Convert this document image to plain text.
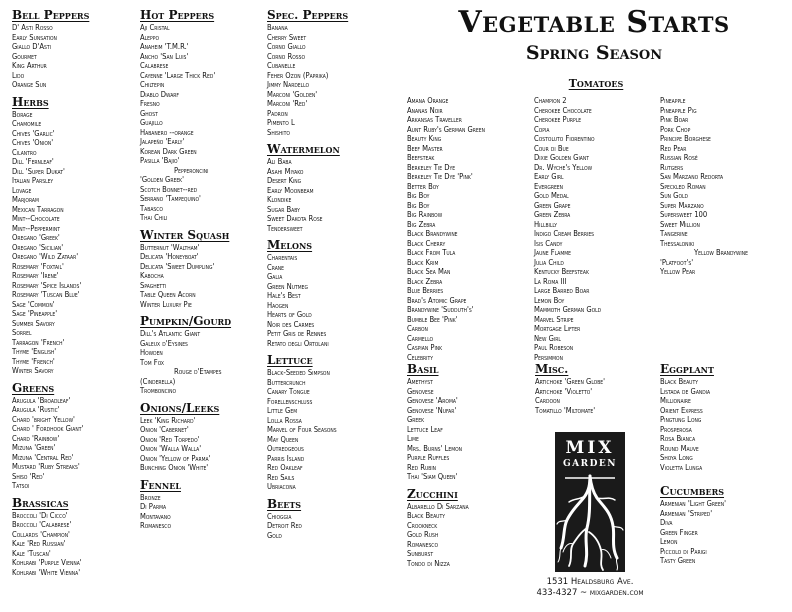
Bell Peppers
D' Asti Rosso
Early Sunsation
Giallo D'Asti
Gourmet
King Arthur
Lido
Orange Sun
Herbs
Borage
Chamomile
Chives 'Garlic'
Chives 'Onion'
Cilantro
Dill 'Fernleaf'
Dill 'Super Dukat'
Italian Parsley
Lovage
Marjoram
Mexican Tarragon
Mint--Chocolate
Mint--Peppermint
Oregano 'Greek'
Oregano 'Sicilian'
Oregano 'Wild Zataar'
Rosemary 'Foxtail'
Rosemary 'Irene'
Rosemary 'Spice Islands'
Rosemary 'Tuscan Blue'
Sage 'Common'
Sage 'Pineapple'
Summer Savory
Sorrel
Tarragon 'French'
Thyme 'English'
Thyme 'French'
Winter Savory
Greens
Arugula 'Broadleaf'
Arugula 'Rustic'
Chard 'bright Yellow'
Chard ' Fordhook Giant'
Chard 'Rainbow'
Mizuna 'Green'
Mizuna 'Central Red'
Mustard 'Ruby Streaks'
Shiso 'Red'
Tatsoi
Brassicas
Broccoli 'Di Cicco'
Broccoli 'Calabrese'
Collards 'Champion'
Kale 'Red Russian'
Kale 'Tuscan'
Kohlrabi 'Purple Vienna'
Kohlrabi 'White Vienna'
Hot Peppers
Aji Cristal
Aleppo
Anaheim 'T.M.R.'
Ancho 'San Luis'
Calabrese
Cayenne 'Large Thick Red'
Chiltepin
Diablo Dwarf
Fresno
Ghost
Guajillo
Habanero --orange
Jalapeño 'Early'
Korean Dark Green
Pasilla 'Bajio'
Pepperoncini
'Golden Greek'
Scotch Bonnet--red
Serrano 'Tampequino'
Tabasco
Thai Chili
Winter Squash
Butternut 'Waltham'
Delicata 'Honeyboat'
Delicata 'Sweet Dumpling'
Kabocha
Spaghetti
Table Queen Acorn
Winter Luxury Pie
Pumpkin/Gourd
Dill's Atlantic Giant
Galeux d'Eysines
Howden
Tom Fox
Rouge d'Etampes
(Cinderella)
Tromboncino
Onions/Leeks
Leek 'King Richard'
Onion 'Cabernet'
Onion 'Red Torpedo'
Onion 'Walla Walla'
Onion 'Yellow of Parma'
Bunching Onion 'White'
Fennel
Bronze
Di Parma
Montavano
Romanesco
Spec. Peppers
Banana
Cherry Sweet
Corno Giallo
Corno Rosso
Cubanelle
Feher Ozon (Paprika)
Jimmy Nardello
Marconi 'Golden'
Marconi 'Red'
Padron
Pimento L
Shishito
Watermelon
Ali Baba
Asahi Miyako
Desert King
Early Moonbeam
Klondike
Sugar Baby
Sweet Dakota Rose
Tendersweet
Melons
Charentais
Crane
Galia
Green Nutmeg
Hale's Best
Haogen
Hearts of Gold
Noir des Carmes
Petit Gris de Rennes
Retato degli Ortolani
Lettuce
Black-Seeded Simpson
Buttercrunch
Canary Tongue
Forellenschluss
Little Gem
Lolla Rossa
Marvel of Four Seasons
May Queen
Outredgeous
Parris Island
Red Oakleaf
Red Sails
Ubriacona
Beets
Chioggia
Detroit Red
Gold
Vegetable Starts
Spring Season
Tomatoes
Amana Orange
Ananas Noir
Arkansas Traveller
Aunt Ruby's German Green
Beauty King
Beef Master
Beefsteak
Berkeley Tie Dye
Berkeley Tie Dye 'Pink'
Better Boy
Big Boy
Big Boy
Big Rainbow
Big Zebra
Black Brandywine
Black Cherry
Black From Tula
Black Krim
Black Sea Man
Black Zebra
Blue Berries
Brad's Atomic Grape
Brandywine 'Sudduth's'
Bumble Bee 'Pink'
Carbon
Carmello
Caspian Pink
Celebrity
Champion 2
Cherokee Chocolate
Cherokee Purple
Copia
Costoluto Fiorentino
Cour di Bue
Dixie Golden Giant
Dr. Wyche's Yellow
Early Girl
Evergreen
Gold Medal
Green Grape
Green Zebra
Hillbilly
Indigo Cream Berries
Isis Candy
Jaune Flamme
Julia Child
Kentucky Beefsteak
La Roma III
Large Barred Boar
Lemon Boy
Mammoth German Gold
Marvel Stripe
Mortgage Lifter
New Girl
Paul Robeson
Persimmon
Pineapple
Pineapple Pig
Pink Boar
Pork Chop
Principe Borghese
Red Pear
Russian Rosé
Rutgers
San Marzano Redorta
Speckled Roman
Sun Gold
Super Marzano
Supersweet 100
Sweet Million
Tangerine
Thessaloniki
Yellow Brandywine
'Platfoot's'
Yellow Pear
Basil
Amethyst
Genovese
Genovese 'Aroma'
Genovese 'Nufar'
Greek
Lettuce Leaf
Lime
Mrs. Burns' Lemon
Purple Ruffles
Red Rubin
Thai 'Siam Queen'
Zucchini
Albarello Di Sarzana
Black Beauty
Crookneck
Gold Rush
Romanesco
Sunburst
Tondo di Nizza
Misc.
Artichoke 'Green Globe'
Artichoke 'Violetto'
Cardoon
Tomatillo 'Miltomate'
Eggplant
Black Beauty
Listada de Gandia
Millionaire
Orient Express
Pingtung Long
Prosperosa
Rosa Bianca
Round Mauve
Shoya Long
Violetta Lunga
Cucumbers
Armenian 'Light Green'
Armenian 'Striped'
Diva
Green Finger
Lemon
Piccolo di Parigi
Tasty Green
MIX
GARDEN
1531 Healdsburg Ave.
433-4327 ~ mixgarden.com
